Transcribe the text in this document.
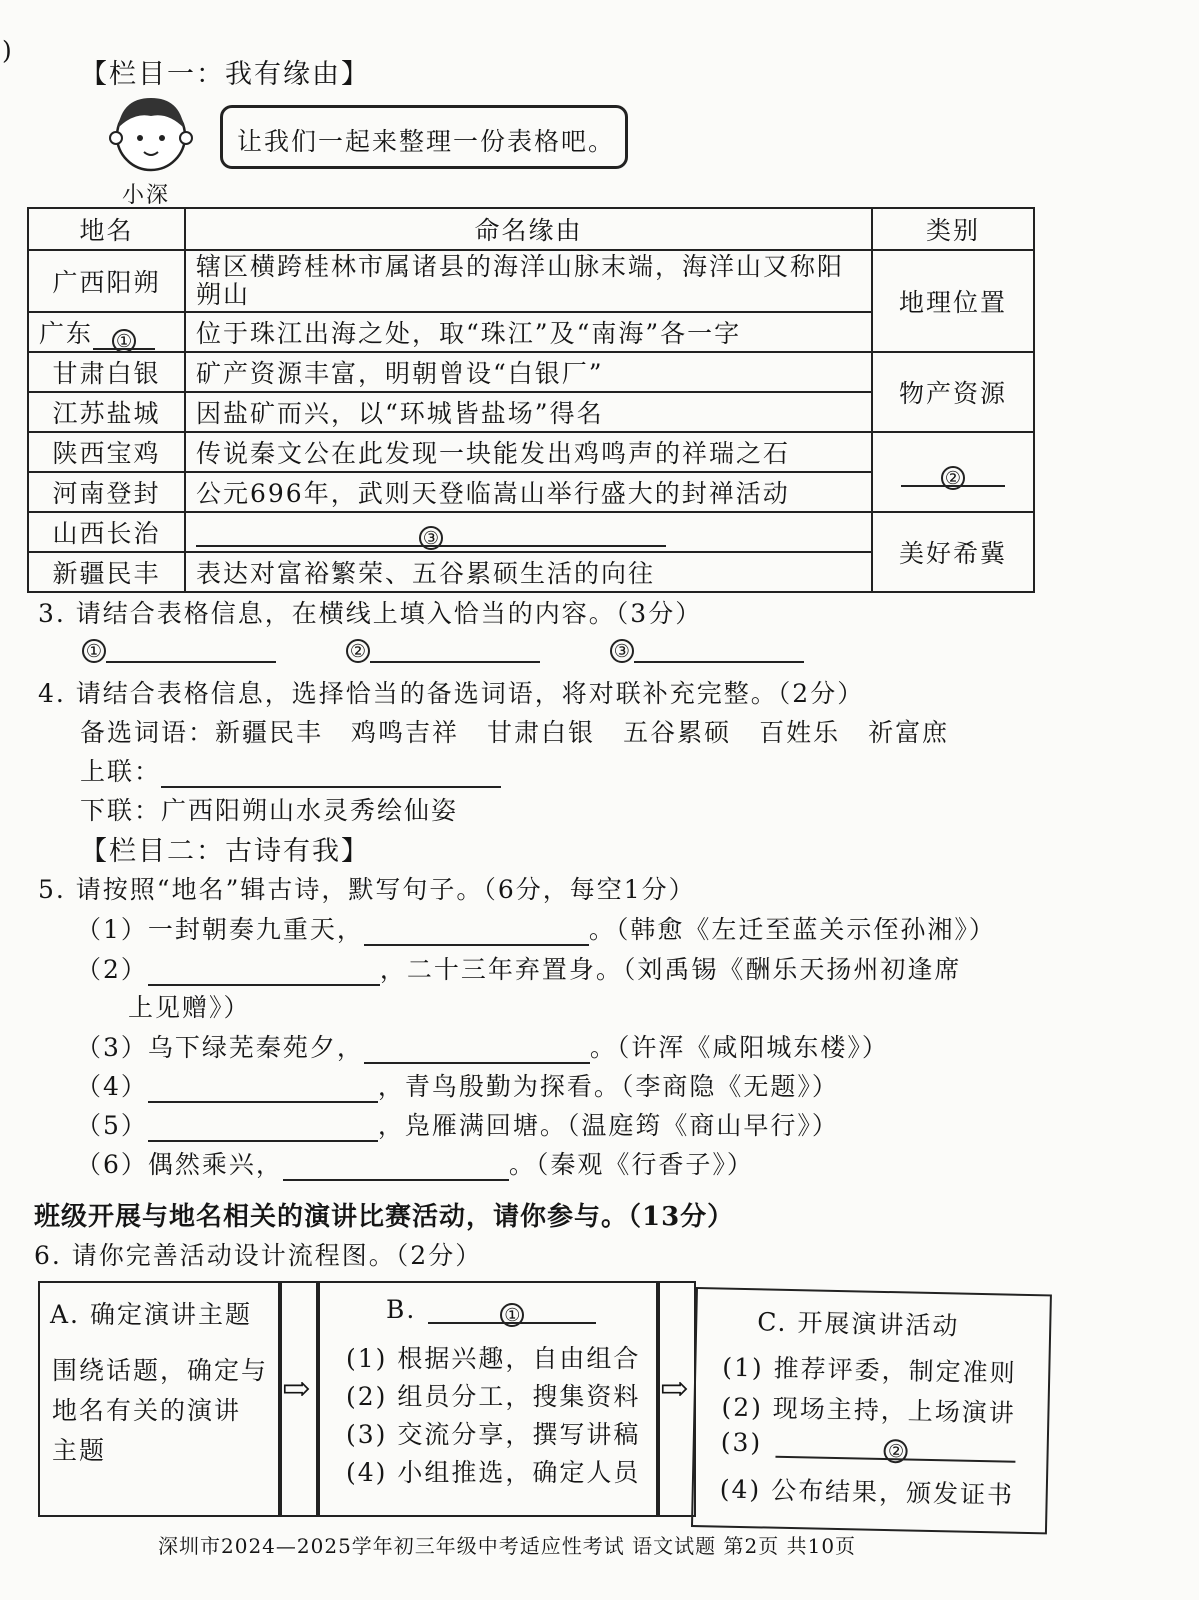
)
【栏目一：我有缘由】
小深
让我们一起来整理一份表格吧。
地名	命名缘由	类别
广西阳朔	辖区横跨桂林市属诸县的海洋山脉末端，海洋山又称阳朔山	地理位置
广东 ①	位于珠江出海之处，取“珠江”及“南海”各一字	
甘肃白银	矿产资源丰富，明朝曾设“白银厂”	物产资源
江苏盐城	因盐矿而兴，以“环城皆盐场”得名	
陕西宝鸡	传说秦文公在此发现一块能发出鸡鸣声的祥瑞之石	②
河南登封	公元696年，武则天登临嵩山举行盛大的封禅活动	
山西长治	③	美好希冀
新疆民丰	表达对富裕繁荣、五谷累硕生活的向往	
3. 请结合表格信息，在横线上填入恰当的内容。（3分）
①	②	③
4. 请结合表格信息，选择恰当的备选词语，将对联补充完整。（2分）
备选词语：新疆民丰 鸡鸣吉祥 甘肃白银 五谷累硕 百姓乐 祈富庶
上联：
下联：广西阳朔山水灵秀绘仙姿
【栏目二：古诗有我】
5. 请按照“地名”辑古诗，默写句子。（6分，每空1分）
（1）一封朝奏九重天，	。（韩愈《左迁至蓝关示侄孙湘》）
（2）	，二十三年弃置身。（刘禹锡《酬乐天扬州初逢席
上见赠》）
（3）乌下绿芜秦苑夕，	。（许浑《咸阳城东楼》）
（4）	，青鸟殷勤为探看。（李商隐《无题》）
（5）	，凫雁满回塘。（温庭筠《商山早行》）
（6）偶然乘兴，	。（秦观《行香子》）
班级开展与地名相关的演讲比赛活动，请你参与。（13分）
6. 请你完善活动设计流程图。（2分）
A. 确定演讲主题
围绕话题，确定与
地名有关的演讲
主题
⇨
B.	①
(1) 根据兴趣，自由组合
(2) 组员分工，搜集资料
(3) 交流分享，撰写讲稿
(4) 小组推选，确定人员
⇨
C. 开展演讲活动
(1) 推荐评委，制定准则
(2) 现场主持，上场演讲
(3)	②
(4) 公布结果，颁发证书
深圳市2024—2025学年初三年级中考适应性考试 语文试题 第2页 共10页
